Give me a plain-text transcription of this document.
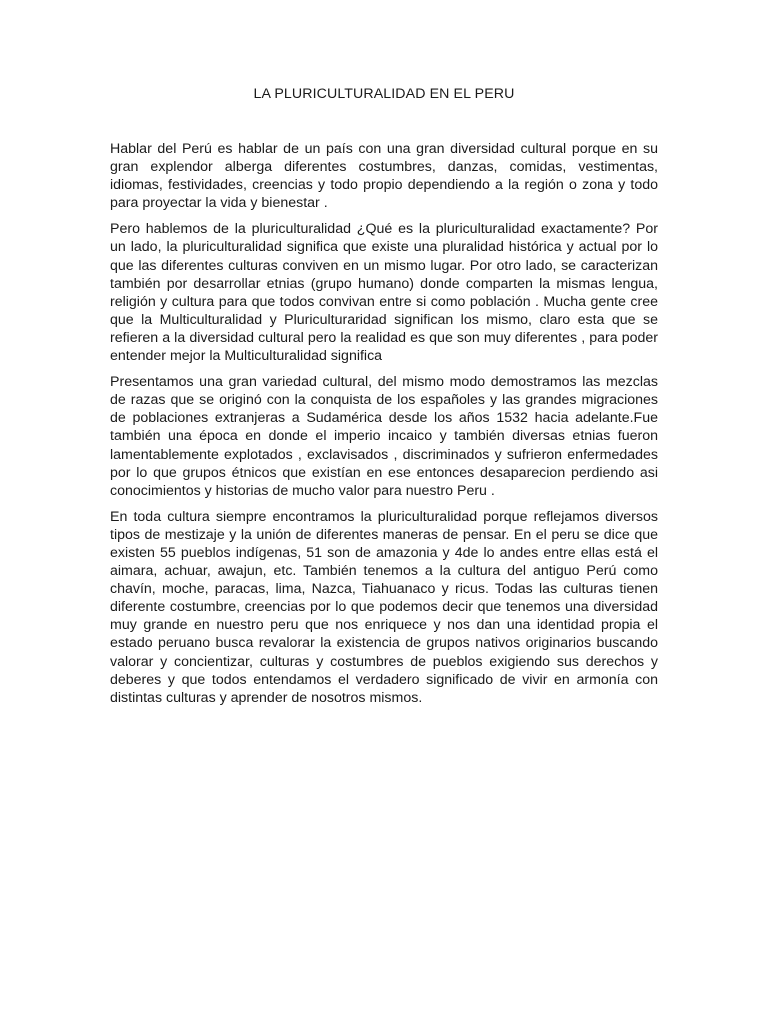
LA PLURICULTURALIDAD EN EL PERU

Hablar del Perú es hablar de un país con una gran diversidad cultural porque en su gran explendor alberga diferentes costumbres, danzas, comidas, vestimentas, idiomas, festividades, creencias y todo propio dependiendo a la región o zona y todo para proyectar la vida y bienestar .

Pero hablemos de la pluriculturalidad ¿Qué es la pluriculturalidad exactamente? Por un lado, la pluriculturalidad significa que existe una pluralidad histórica y actual por lo que las diferentes culturas conviven en un mismo lugar. Por otro lado, se caracterizan también por desarrollar etnias (grupo humano) donde comparten la mismas lengua, religión y cultura para que todos convivan entre si como población . Mucha gente cree que la Multiculturalidad y Pluriculturaridad significan los mismo, claro esta que se refieren a la diversidad cultural pero la realidad es que son muy diferentes , para poder entender mejor la Multiculturalidad significa

Presentamos una gran variedad cultural, del mismo modo demostramos las mezclas de razas que se originó con la conquista de los españoles y las grandes migraciones de poblaciones extranjeras a Sudamérica desde los años 1532 hacia adelante.Fue también una época en donde el imperio incaico y también diversas etnias fueron lamentablemente explotados , exclavisados , discriminados y sufrieron enfermedades por lo que grupos étnicos que existían en ese entonces desaparecion perdiendo asi conocimientos y historias de mucho valor para nuestro Peru .

En toda cultura siempre encontramos la pluriculturalidad porque reflejamos diversos tipos de mestizaje y la unión de diferentes maneras de pensar. En el peru se dice que existen 55 pueblos indígenas, 51 son de amazonia y 4de lo andes entre ellas está el aimara, achuar, awajun, etc. También tenemos a la cultura del antiguo Perú como chavín, moche, paracas, lima, Nazca, Tiahuanaco y ricus. Todas las culturas tienen diferente costumbre, creencias por lo que podemos decir que tenemos una diversidad muy grande en nuestro peru que nos enriquece y nos dan una identidad propia el estado peruano busca revalorar la existencia de grupos nativos originarios buscando valorar y concientizar, culturas y costumbres de pueblos exigiendo sus derechos y deberes y que todos entendamos el verdadero significado de vivir en armonía con distintas culturas y aprender de nosotros mismos.
